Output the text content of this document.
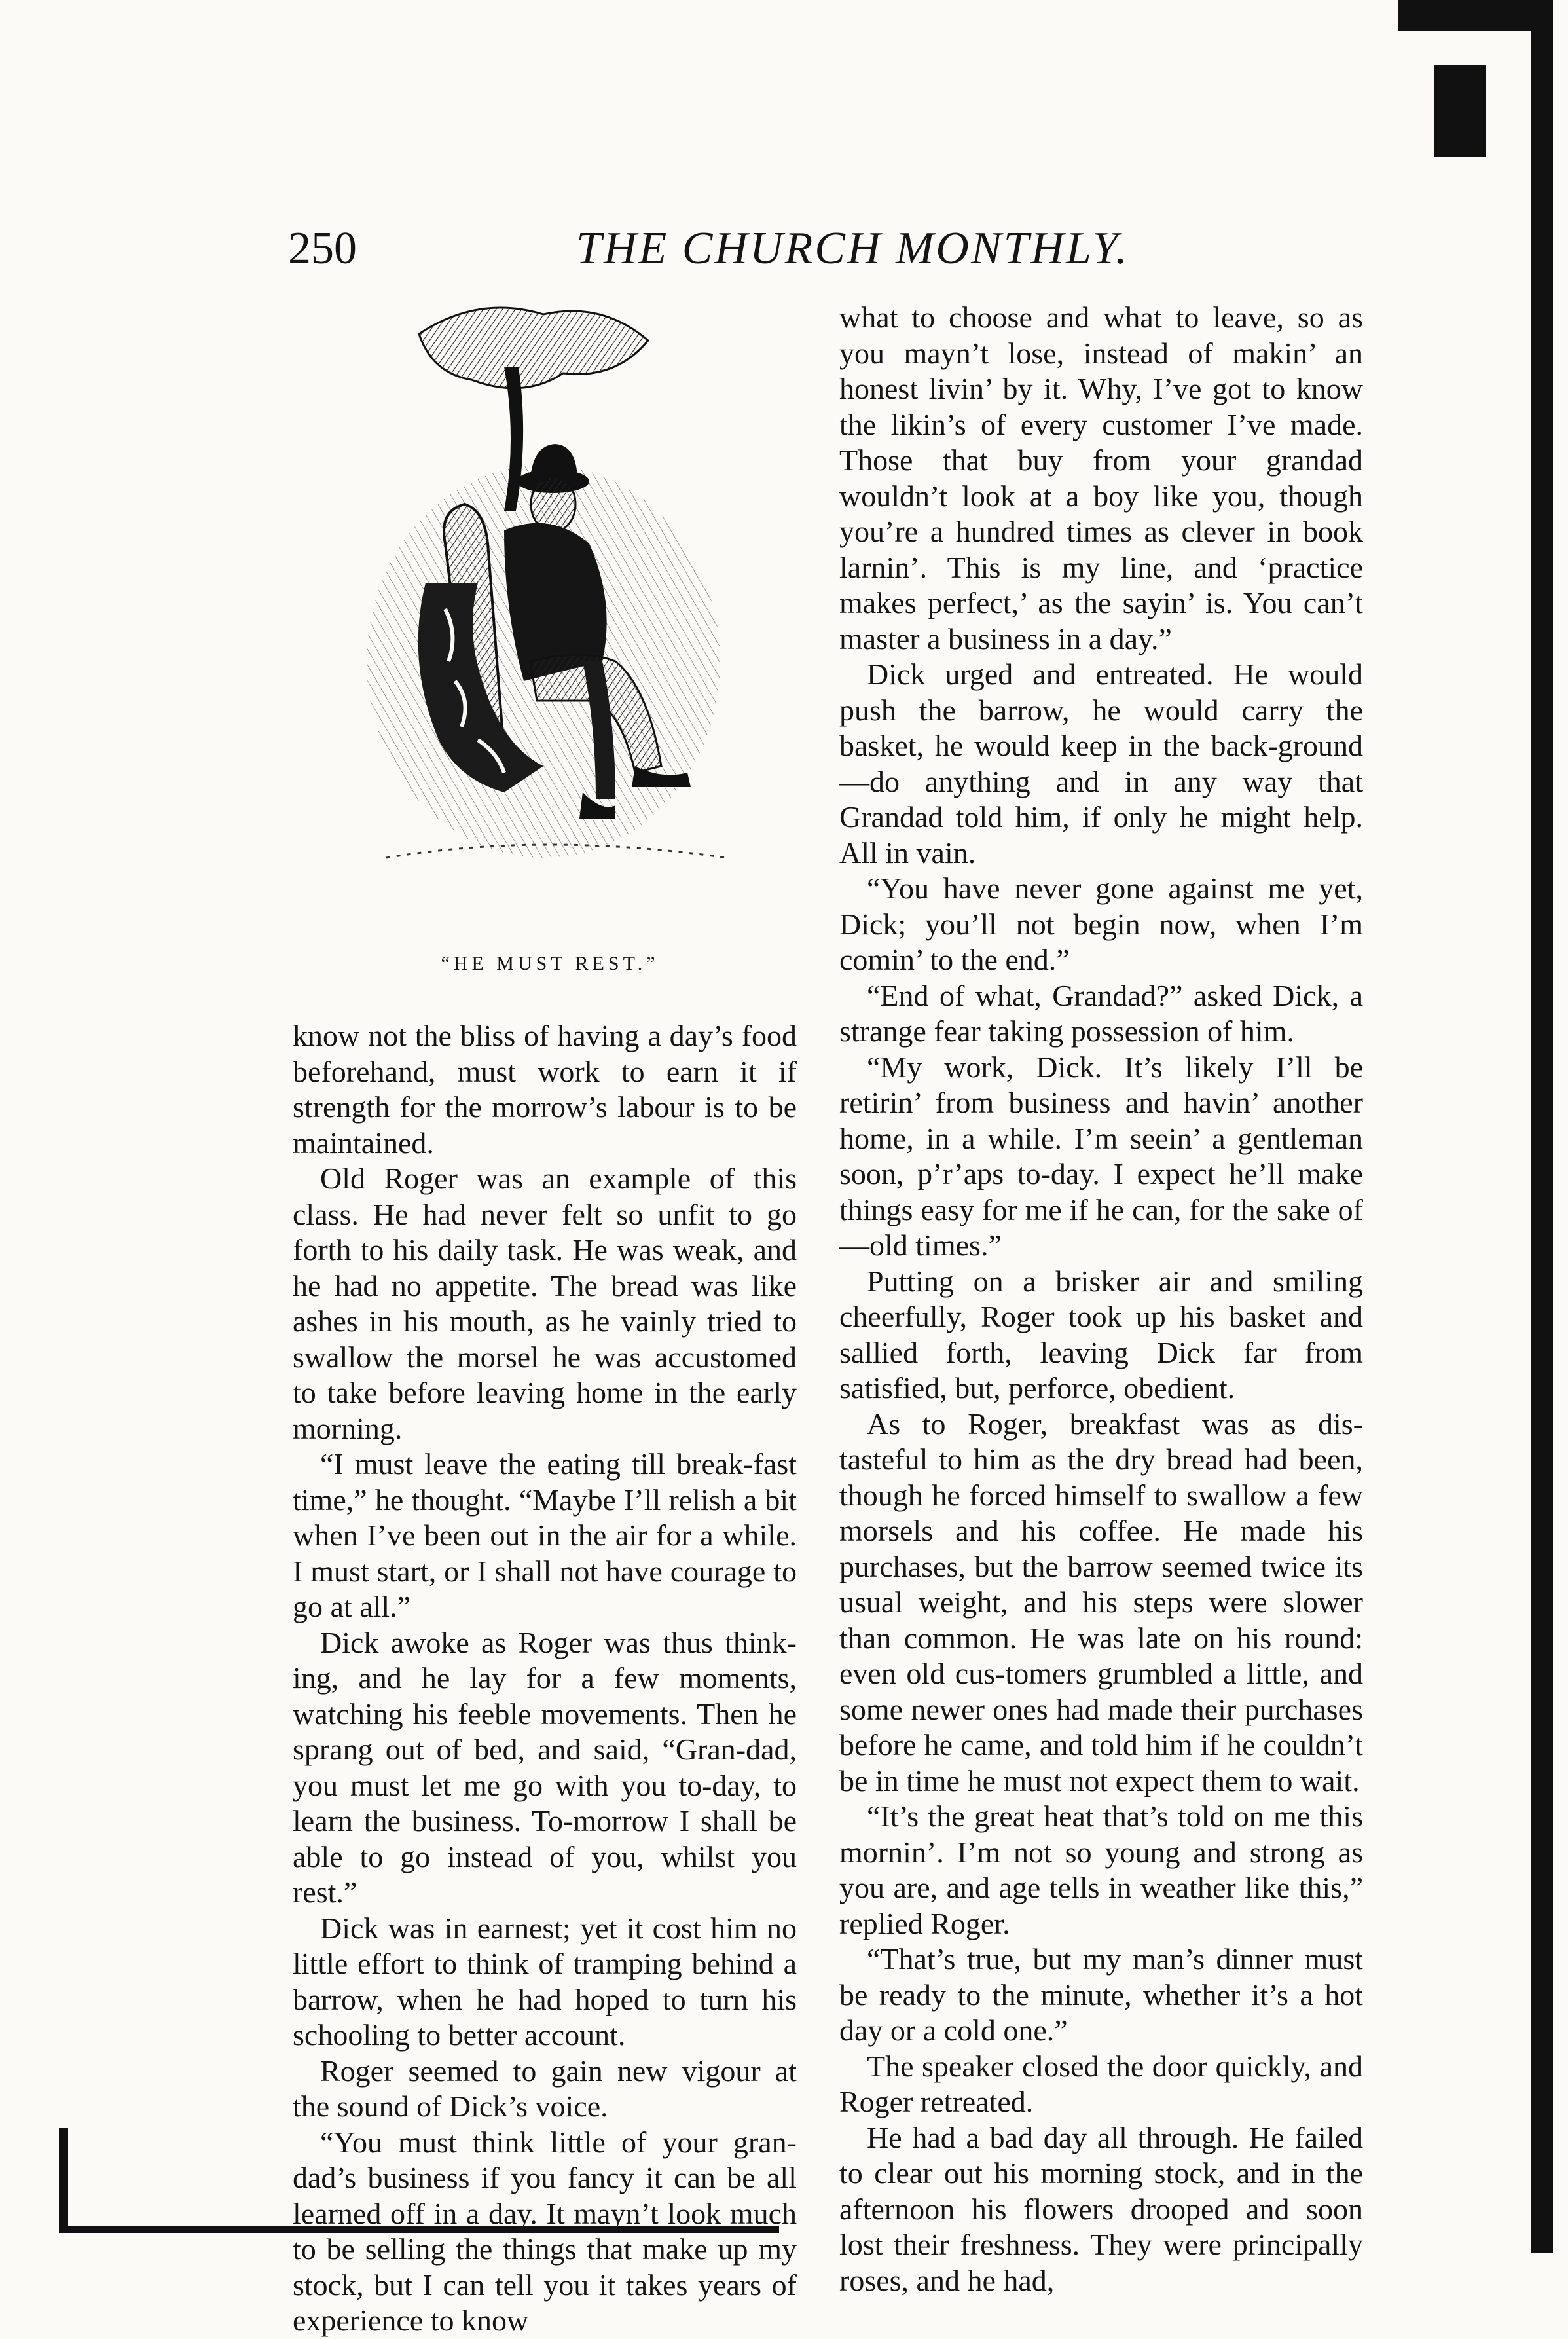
250	THE CHURCH MONTHLY.
“HE MUST REST.”

know not the bliss of having a day’s food beforehand, must work to earn it if strength for the morrow’s labour is to be maintained.

Old Roger was an example of this class. He had never felt so unfit to go forth to his daily task. He was weak, and he had no appetite. The bread was like ashes in his mouth, as he vainly tried to swallow the morsel he was accustomed to take before leaving home in the early morning.

“I must leave the eating till break-fast time,” he thought. “Maybe I’ll relish a bit when I’ve been out in the air for a while. I must start, or I shall not have courage to go at all.”

Dick awoke as Roger was thus think-ing, and he lay for a few moments, watching his feeble movements. Then he sprang out of bed, and said, “Gran-dad, you must let me go with you to-day, to learn the business. To-morrow I shall be able to go instead of you, whilst you rest.”

Dick was in earnest; yet it cost him no little effort to think of tramping behind a barrow, when he had hoped to turn his schooling to better account.

Roger seemed to gain new vigour at the sound of Dick’s voice.

“You must think little of your gran-dad’s business if you fancy it can be all learned off in a day. It mayn’t look much to be selling the things that make up my stock, but I can tell you it takes years of experience to know

what to choose and what to leave, so as you mayn’t lose, instead of makin’ an honest livin’ by it. Why, I’ve got to know the likin’s of every customer I’ve made. Those that buy from your grandad wouldn’t look at a boy like you, though you’re a hundred times as clever in book larnin’. This is my line, and ‘practice makes perfect,’ as the sayin’ is. You can’t master a business in a day.”

Dick urged and entreated. He would push the barrow, he would carry the basket, he would keep in the back-ground—do anything and in any way that Grandad told him, if only he might help. All in vain.

“You have never gone against me yet, Dick; you’ll not begin now, when I’m comin’ to the end.”

“End of what, Grandad?” asked Dick, a strange fear taking possession of him.

“My work, Dick. It’s likely I’ll be retirin’ from business and havin’ another home, in a while. I’m seein’ a gentleman soon, p’r’aps to-day. I expect he’ll make things easy for me if he can, for the sake of—old times.”

Putting on a brisker air and smiling cheerfully, Roger took up his basket and sallied forth, leaving Dick far from satisfied, but, perforce, obedient.

As to Roger, breakfast was as dis-tasteful to him as the dry bread had been, though he forced himself to swallow a few morsels and his coffee. He made his purchases, but the barrow seemed twice its usual weight, and his steps were slower than common. He was late on his round: even old cus-tomers grumbled a little, and some newer ones had made their purchases before he came, and told him if he couldn’t be in time he must not expect them to wait.

“It’s the great heat that’s told on me this mornin’. I’m not so young and strong as you are, and age tells in weather like this,” replied Roger.

“That’s true, but my man’s dinner must be ready to the minute, whether it’s a hot day or a cold one.”

The speaker closed the door quickly, and Roger retreated.

He had a bad day all through. He failed to clear out his morning stock, and in the afternoon his flowers drooped and soon lost their freshness. They were principally roses, and he had,
